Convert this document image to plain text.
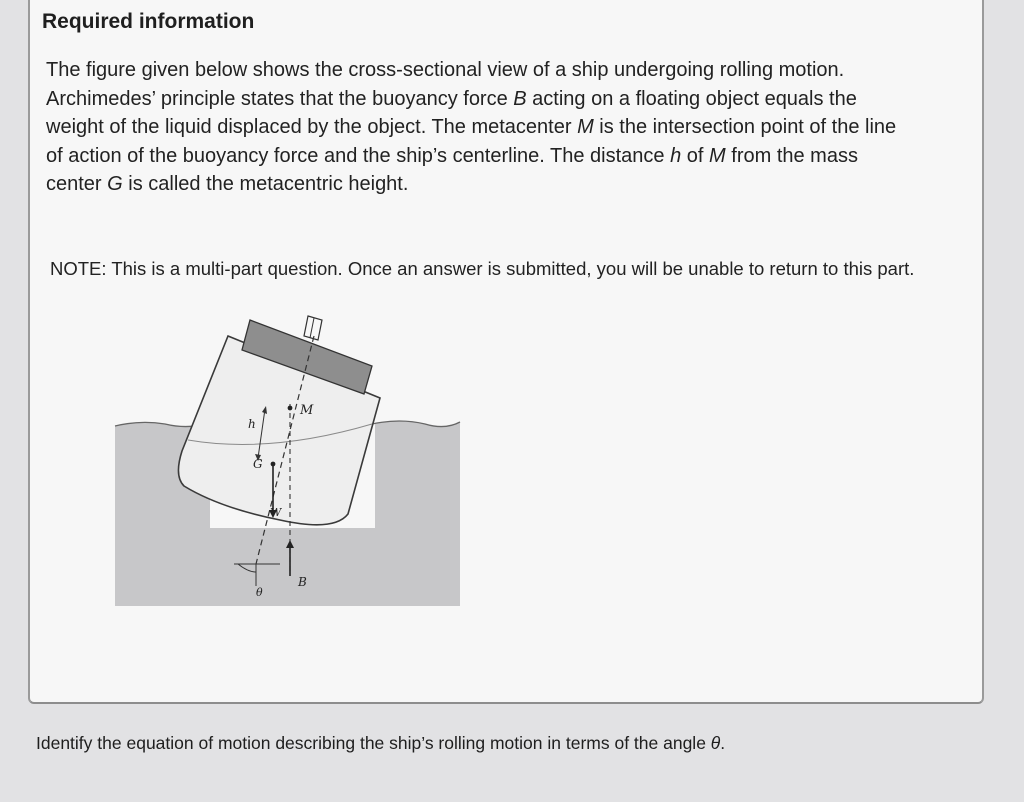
Required information

The figure given below shows the cross-sectional view of a ship undergoing rolling motion. Archimedes’ principle states that the buoyancy force B acting on a floating object equals the weight of the liquid displaced by the object. The metacenter M is the intersection point of the line of action of the buoyancy force and the ship’s centerline. The distance h of M from the mass center G is called the metacentric height.

NOTE: This is a multi-part question. Once an answer is submitted, you will be unable to return to this part.

M
h
G
W
B
θ

Identify the equation of motion describing the ship’s rolling motion in terms of the angle θ.
